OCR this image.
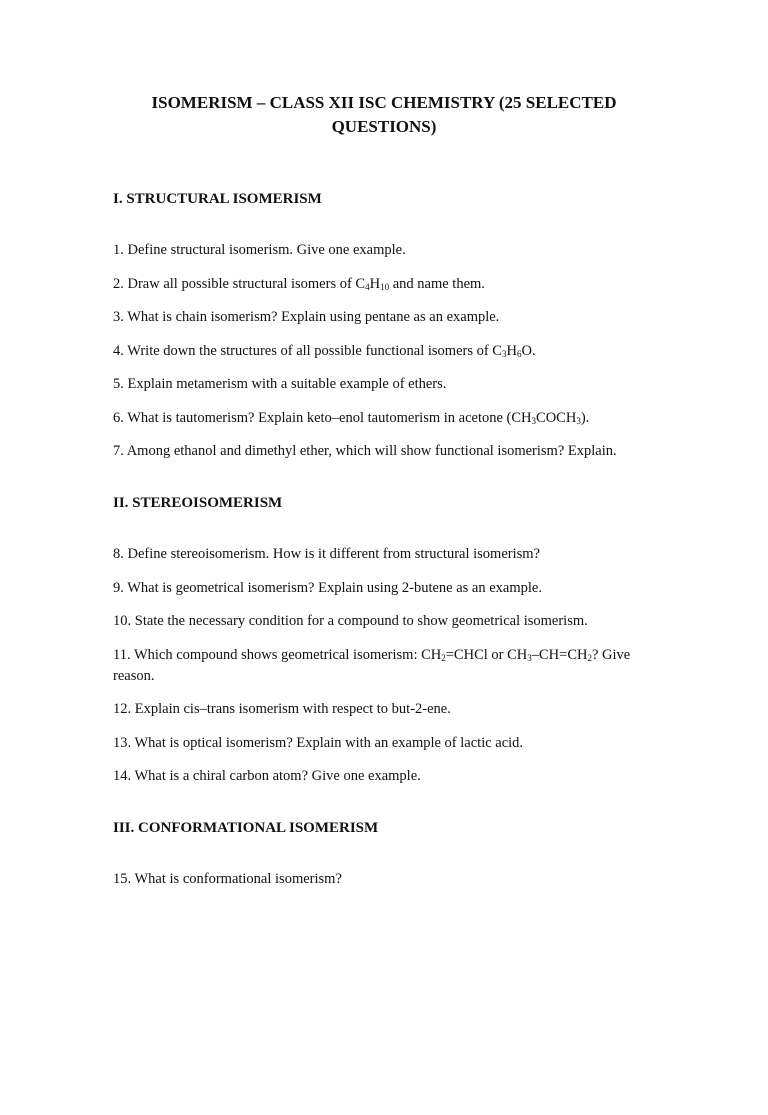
ISOMERISM – CLASS XII ISC CHEMISTRY (25 SELECTED QUESTIONS)
I. STRUCTURAL ISOMERISM

1. Define structural isomerism. Give one example.

2. Draw all possible structural isomers of $C_4H_{10}$ and name them.

3. What is chain isomerism? Explain using pentane as an example.

4. Write down the structures of all possible functional isomers of $C_3H_6O$.

5. Explain metamerism with a suitable example of ethers.

6. What is tautomerism? Explain keto–enol tautomerism in acetone $(CH_3COCH_3)$.

7. Among ethanol and dimethyl ether, which will show functional isomerism? Explain.

II. STEREOISOMERISM

8. Define stereoisomerism. How is it different from structural isomerism?

9. What is geometrical isomerism? Explain using 2-butene as an example.

10. State the necessary condition for a compound to show geometrical isomerism.

11. Which compound shows geometrical isomerism: $CH_2=CHCl$ or $CH_3-CH=CH_2$? Give reason.

12. Explain cis–trans isomerism with respect to but-2-ene.

13. What is optical isomerism? Explain with an example of lactic acid.

14. What is a chiral carbon atom? Give one example.

III. CONFORMATIONAL ISOMERISM

15. What is conformational isomerism?
